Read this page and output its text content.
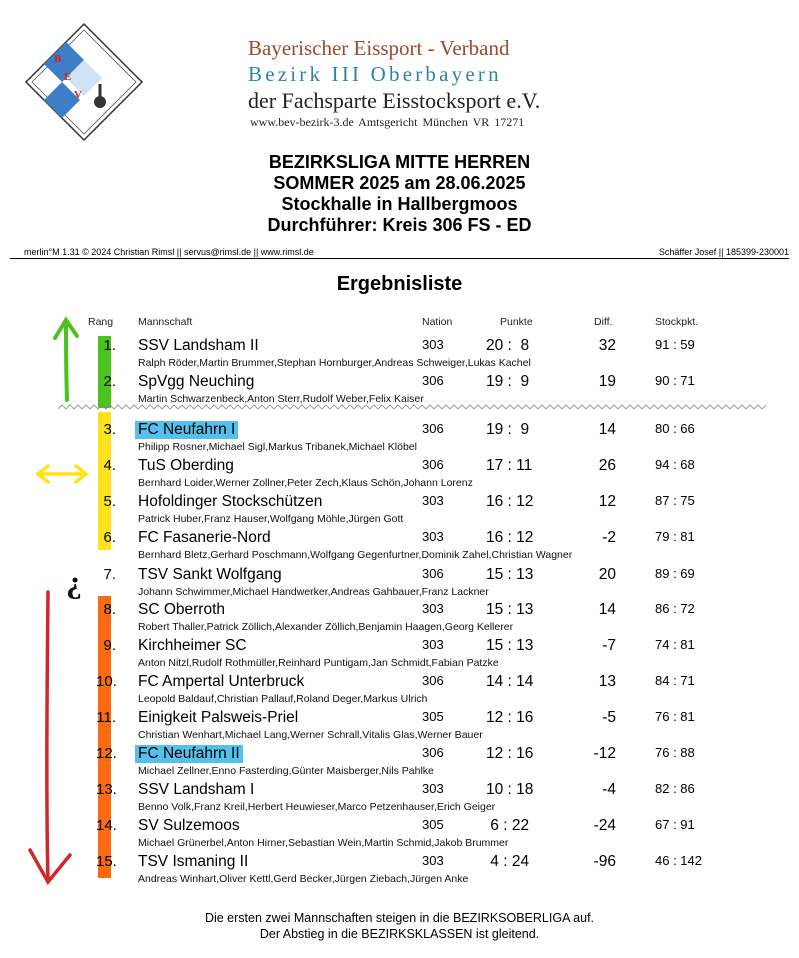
B
E
V
Bayerischer Eissport - Verband
Bezirk III Oberbayern
der Fachsparte Eisstocksport e.V.
www.bev-bezirk-3.de Amtsgericht München VR 17271
BEZIRKSLIGA MITTE HERREN
SOMMER 2025 am 28.06.2025
Stockhalle in Hallbergmoos
Durchführer: Kreis 306 FS - ED
merlin°M 1.31 © 2024 Christian Rimsl || servus@rimsl.de || www.rimsl.de	Schäffer Josef || 185399-230001
Ergebnisliste
Rang Mannschaft	Nation	Punkte	Diff.	Stockpkt.
1. SSV Landsham II
Ralph Röder,Martin Brummer,Stephan Hornburger,Andreas Schweiger,Lukas Kachel
303	20 :  8	32	91 : 59
2. SpVgg Neuching
Martin Schwarzenbeck,Anton Sterr,Rudolf Weber,Felix Kaiser
306	19 :  9	19	90 : 71
3. FC Neufahrn I
Philipp Rosner,Michael Sigl,Markus Tribanek,Michael Klöbel
306	19 :  9	14	80 : 66
4. TuS Oberding
Bernhard Loider,Werner Zollner,Peter Zech,Klaus Schön,Johann Lorenz
306	17 : 11	26	94 : 68
5. Hofoldinger Stockschützen
Patrick Huber,Franz Hauser,Wolfgang Möhle,Jürgen Gott
303	16 : 12	12	87 : 75
6. FC Fasanerie-Nord
Bernhard Bletz,Gerhard Poschmann,Wolfgang Gegenfurtner,Dominik Zahel,Christian Wagner
303	16 : 12	-2	79 : 81
7. TSV Sankt Wolfgang
Johann Schwimmer,Michael Handwerker,Andreas Gahbauer,Franz Lackner
306	15 : 13	20	89 : 69
8. SC Oberroth
Robert Thaller,Patrick Zöllich,Alexander Zöllich,Benjamin Haagen,Georg Kellerer
303	15 : 13	14	86 : 72
9. Kirchheimer SC
Anton Nitzl,Rudolf Rothmüller,Reinhard Puntigam,Jan Schmidt,Fabian Patzke
303	15 : 13	-7	74 : 81
10. FC Ampertal Unterbruck
Leopold Baldauf,Christian Pallauf,Roland Deger,Markus Ulrich
306	14 : 14	13	84 : 71
11. Einigkeit Palsweis-Priel
Christian Wenhart,Michael Lang,Werner Schrall,Vitalis Glas,Werner Bauer
305	12 : 16	-5	76 : 81
12. FC Neufahrn II
Michael Zellner,Enno Fasterding,Günter Maisberger,Nils Pahlke
306	12 : 16	-12	76 : 88
13. SSV Landsham I
Benno Volk,Franz Kreil,Herbert Heuwieser,Marco Petzenhauser,Erich Geiger
303	10 : 18	-4	82 : 86
14. SV Sulzemoos
Michael Grünerbel,Anton Hirner,Sebastian Wein,Martin Schmid,Jakob Brummer
305	6 : 22	-24	67 : 91
15. TSV Ismaning II
Andreas Winhart,Oliver Kettl,Gerd Becker,Jürgen Ziebach,Jürgen Anke
303	4 : 24	-96	46 : 142
¿
Die ersten zwei Mannschaften steigen in die BEZIRKSOBERLIGA auf.
Der Abstieg in die BEZIRKSKLASSEN ist gleitend.
